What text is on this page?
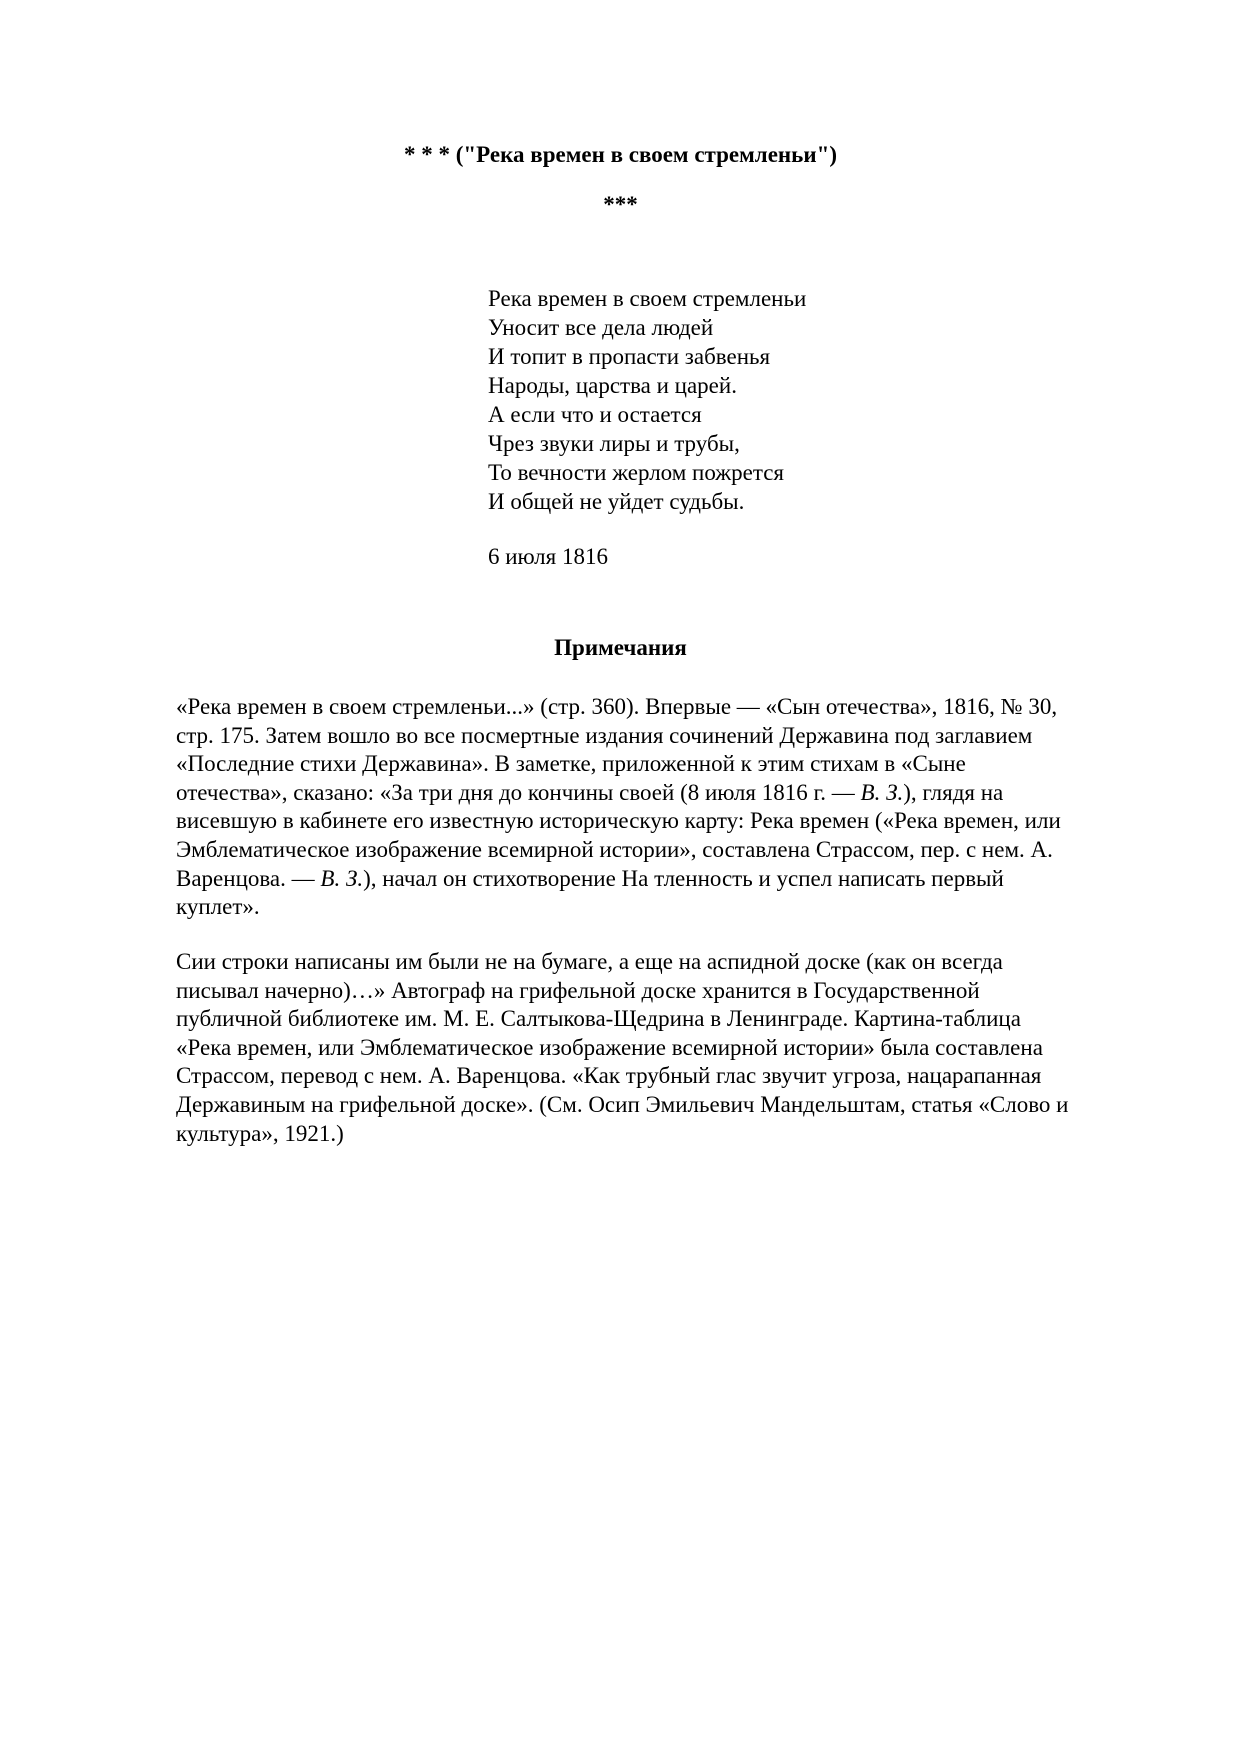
* * * ("Река времен в своем стремленьи")
***
Река времен в своем стремленьи
Уносит все дела людей
И топит в пропасти забвенья
Народы, царства и царей.
А если что и остается
Чрез звуки лиры и трубы,
То вечности жерлом пожрется
И общей не уйдет судьбы.
6 июля 1816
Примечания
«Река времен в своем стремленьи...» (стр. 360). Впервые — «Сын отечества», 1816, № 30,
стр. 175. Затем вошло во все посмертные издания сочинений Державина под заглавием
«Последние стихи Державина». В заметке, приложенной к этим стихам в «Сыне
отечества», сказано: «За три дня до кончины своей (8 июля 1816 г. — В. З.), глядя на
висевшую в кабинете его известную историческую карту: Река времен («Река времен, или
Эмблематическое изображение всемирной истории», составлена Страссом, пер. с нем. А.
Варенцова. — В. З.), начал он стихотворение На тленность и успел написать первый
куплет».
Сии строки написаны им были не на бумаге, а еще на аспидной доске (как он всегда
писывал начерно)…» Автограф на грифельной доске хранится в Государственной
публичной библиотеке им. М. Е. Салтыкова-Щедрина в Ленинграде. Картина-таблица
«Река времен, или Эмблематическое изображение всемирной истории» была составлена
Страссом, перевод с нем. А. Варенцова. «Как трубный глас звучит угроза, нацарапанная
Державиным на грифельной доске». (См. Осип Эмильевич Мандельштам, статья «Слово и
культура», 1921.)
